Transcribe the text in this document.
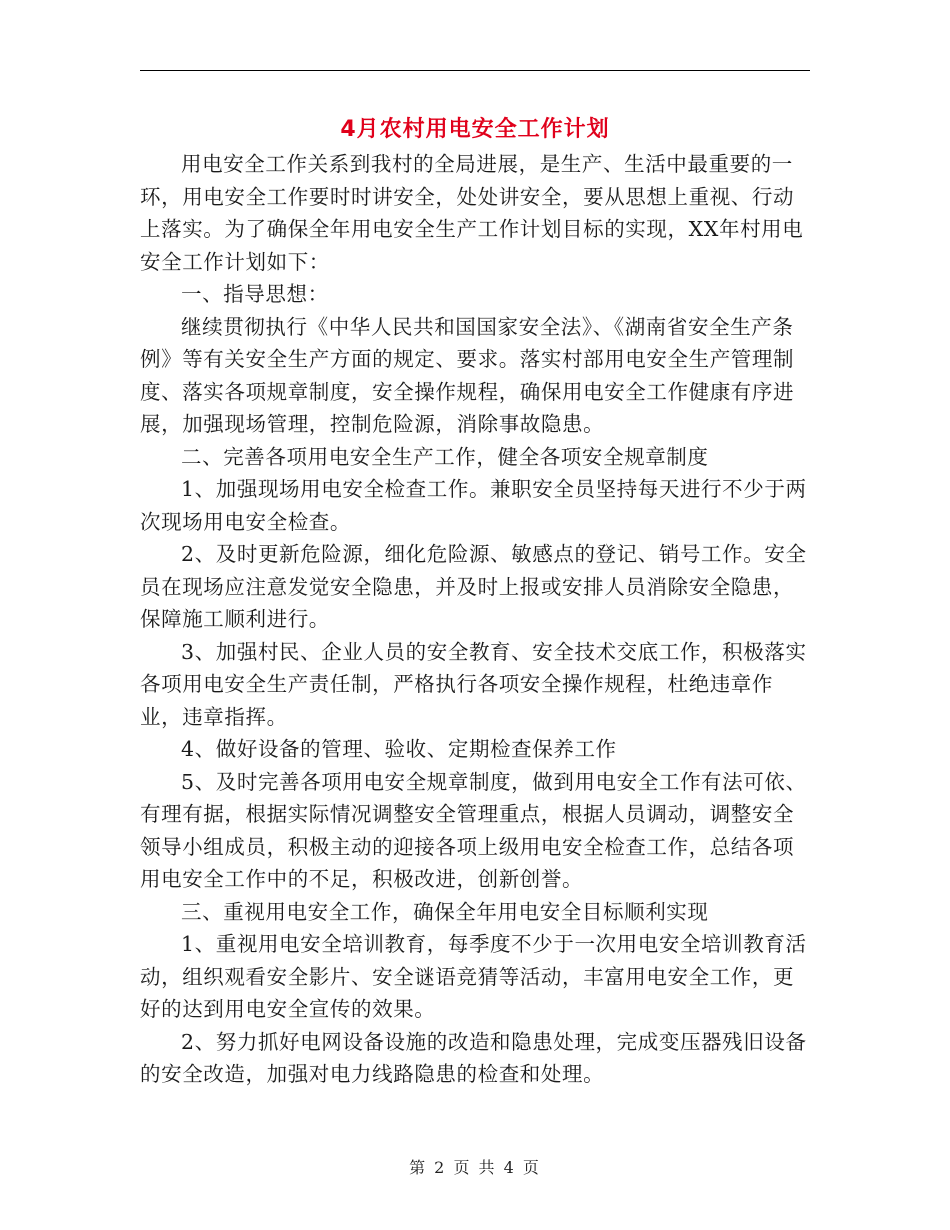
4月农村用电安全工作计划

用电安全工作关系到我村的全局进展，是生产、生活中最重要的一环，用电安全工作要时时讲安全，处处讲安全，要从思想上重视、行动上落实。为了确保全年用电安全生产工作计划目标的实现，XX年村用电安全工作计划如下：

一、指导思想：

继续贯彻执行《中华人民共和国国家安全法》、《湖南省安全生产条例》等有关安全生产方面的规定、要求。落实村部用电安全生产管理制度、落实各项规章制度，安全操作规程，确保用电安全工作健康有序进展，加强现场管理，控制危险源，消除事故隐患。

二、完善各项用电安全生产工作，健全各项安全规章制度

1、加强现场用电安全检查工作。兼职安全员坚持每天进行不少于两次现场用电安全检查。

2、及时更新危险源，细化危险源、敏感点的登记、销号工作。安全员在现场应注意发觉安全隐患，并及时上报或安排人员消除安全隐患，保障施工顺利进行。

3、加强村民、企业人员的安全教育、安全技术交底工作，积极落实各项用电安全生产责任制，严格执行各项安全操作规程，杜绝违章作业，违章指挥。

4、做好设备的管理、验收、定期检查保养工作

5、及时完善各项用电安全规章制度，做到用电安全工作有法可依、有理有据，根据实际情况调整安全管理重点，根据人员调动，调整安全领导小组成员，积极主动的迎接各项上级用电安全检查工作，总结各项用电安全工作中的不足，积极改进，创新创誉。

三、重视用电安全工作，确保全年用电安全目标顺利实现

1、重视用电安全培训教育，每季度不少于一次用电安全培训教育活动，组织观看安全影片、安全谜语竞猜等活动，丰富用电安全工作，更好的达到用电安全宣传的效果。

2、努力抓好电网设备设施的改造和隐患处理，完成变压器残旧设备的安全改造，加强对电力线路隐患的检查和处理。

第 2 页 共 4 页
